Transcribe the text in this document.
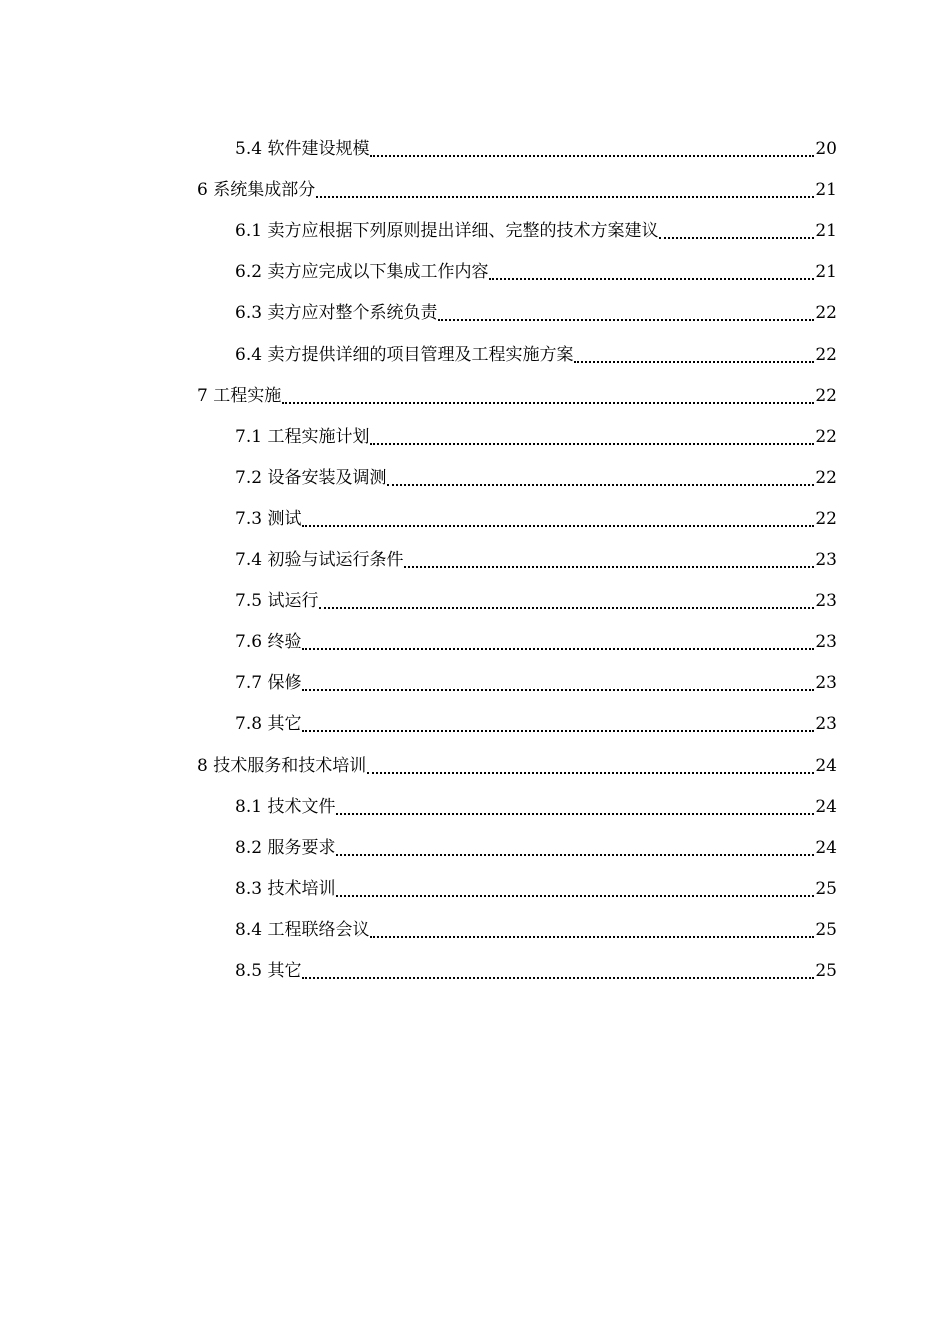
5.4 软件建设规模	20
6 系统集成部分	21
6.1 卖方应根据下列原则提出详细、完整的技术方案建议	21
6.2 卖方应完成以下集成工作内容	21
6.3 卖方应对整个系统负责	22
6.4 卖方提供详细的项目管理及工程实施方案	22
7 工程实施	22
7.1 工程实施计划	22
7.2 设备安装及调测	22
7.3 测试	22
7.4 初验与试运行条件	23
7.5 试运行	23
7.6 终验	23
7.7 保修	23
7.8 其它	23
8 技术服务和技术培训	24
8.1 技术文件	24
8.2 服务要求	24
8.3 技术培训	25
8.4 工程联络会议	25
8.5 其它	25
